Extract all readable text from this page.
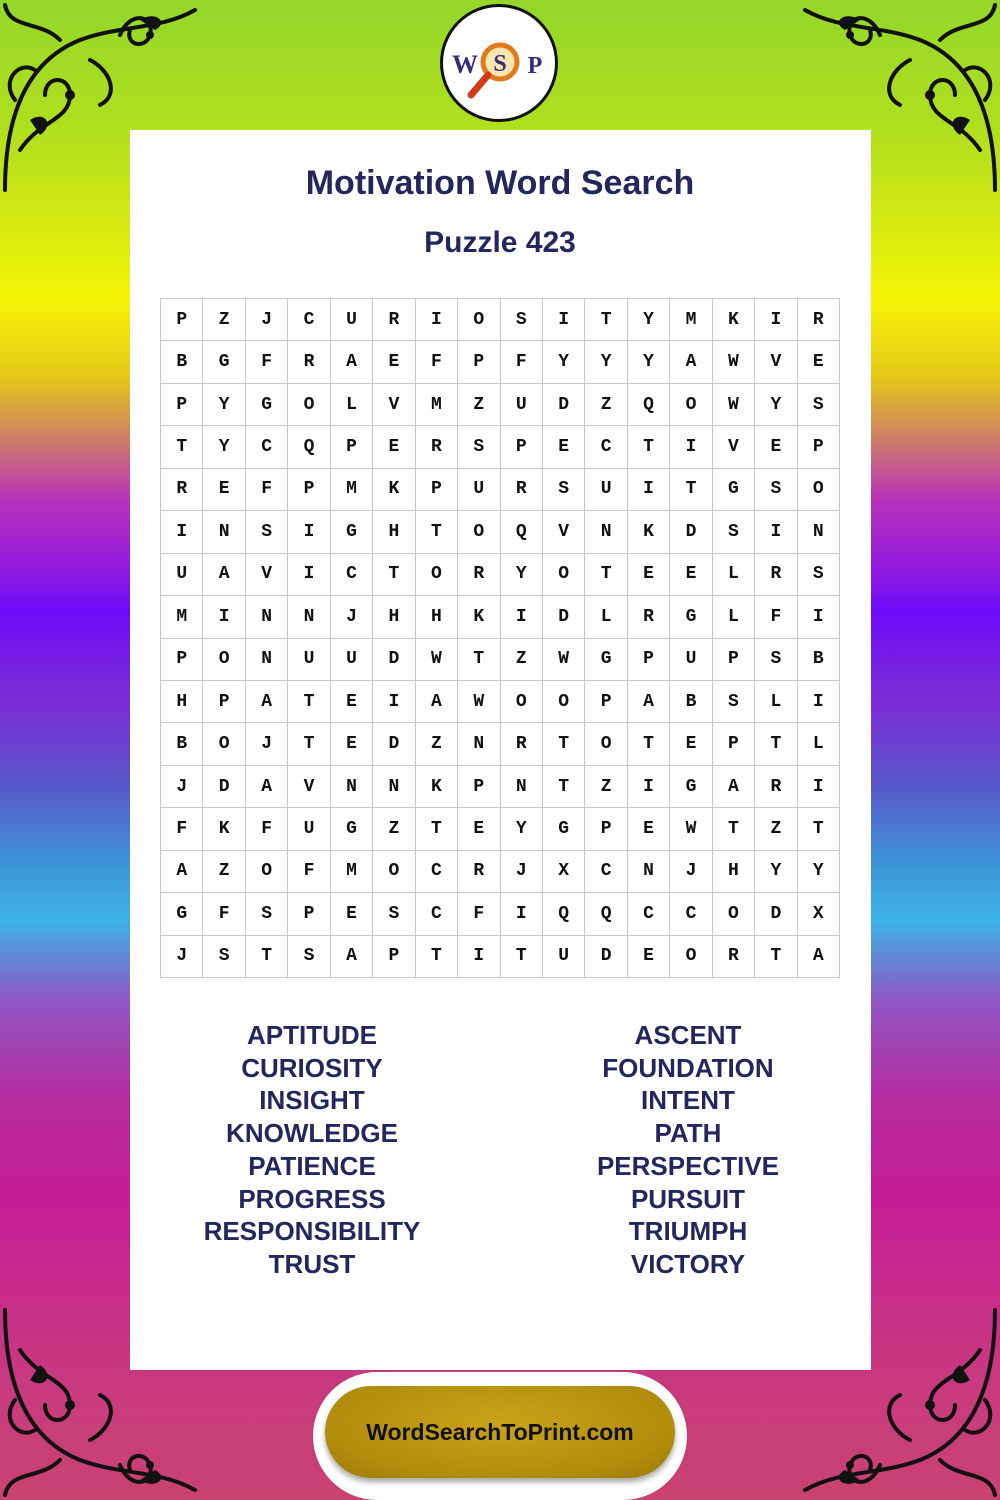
W S P
Motivation Word Search
Puzzle 423
P	Z	J	C	U	R	I	O	S	I	T	Y	M	K	I	R
B	G	F	R	A	E	F	P	F	Y	Y	Y	A	W	V	E
P	Y	G	O	L	V	M	Z	U	D	Z	Q	O	W	Y	S
T	Y	C	Q	P	E	R	S	P	E	C	T	I	V	E	P
R	E	F	P	M	K	P	U	R	S	U	I	T	G	S	O
I	N	S	I	G	H	T	O	Q	V	N	K	D	S	I	N
U	A	V	I	C	T	O	R	Y	O	T	E	E	L	R	S
M	I	N	N	J	H	H	K	I	D	L	R	G	L	F	I
P	O	N	U	U	D	W	T	Z	W	G	P	U	P	S	B
H	P	A	T	E	I	A	W	O	O	P	A	B	S	L	I
B	O	J	T	E	D	Z	N	R	T	O	T	E	P	T	L
J	D	A	V	N	N	K	P	N	T	Z	I	G	A	R	I
F	K	F	U	G	Z	T	E	Y	G	P	E	W	T	Z	T
A	Z	O	F	M	O	C	R	J	X	C	N	J	H	Y	Y
G	F	S	P	E	S	C	F	I	Q	Q	C	C	O	D	X
J	S	T	S	A	P	T	I	T	U	D	E	O	R	T	A
APTITUDE
CURIOSITY
INSIGHT
KNOWLEDGE
PATIENCE
PROGRESS
RESPONSIBILITY
TRUST
ASCENT
FOUNDATION
INTENT
PATH
PERSPECTIVE
PURSUIT
TRIUMPH
VICTORY
WordSearchToPrint.com
